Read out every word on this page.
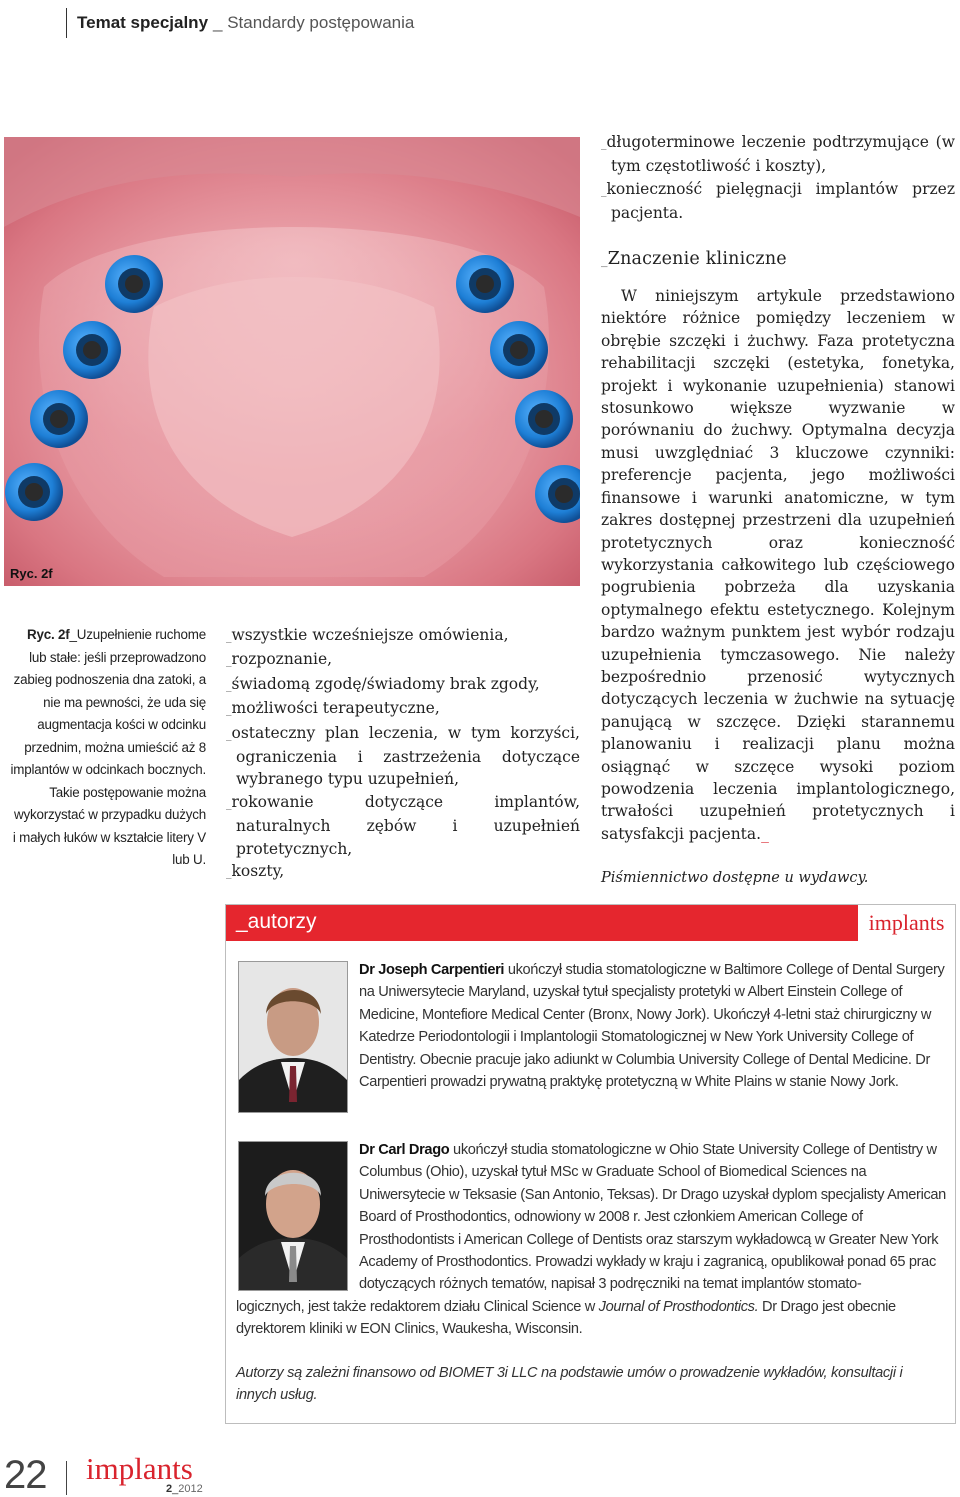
Temat specjalny _ Standardy postępowania
Ryc. 2f
Ryc. 2f_Uzupełnienie ruchome lub stałe: jeśli przeprowadzono zabieg podnoszenia dna zatoki, a nie ma pewności, że uda się augmentacja kości w odcinku przednim, można umieścić aż 8 implantów w odcinkach bocznych. Takie postępowanie można wykorzystać w przypadku dużych i małych łuków w kształcie litery V lub U.
_wszystkie wcześniejsze omówienia,
_rozpoznanie,
_świadomą zgodę/świadomy brak zgody,
_możliwości terapeutyczne,
_ostateczny plan leczenia, w tym korzyści, ograniczenia i zastrzeżenia dotyczące wybranego typu uzupełnień,
_rokowanie dotyczące implantów, naturalnych zębów i uzupełnień protetycznych,
_koszty,
_długoterminowe leczenie podtrzymujące (w tym częstotliwość i koszty),
_konieczność pielęgnacji implantów przez pacjenta.
_Znaczenie kliniczne
W niniejszym artykule przedstawiono niektóre różnice pomiędzy leczeniem w obrębie szczęki i żuchwy. Faza protetyczna rehabilitacji szczęki (estetyka, fonetyka, projekt i wykonanie uzupełnienia) stanowi stosunkowo większe wyzwanie w porównaniu do żuchwy. Optymalna decyzja musi uwzględniać 3 kluczowe czynniki: preferencje pacjenta, jego możliwości finansowe i warunki anatomiczne, w tym zakres dostępnej przestrzeni dla uzupełnień protetycznych oraz konieczność wykorzystania całkowitego lub częściowego pogrubienia pobrzeża dla uzyskania optymalnego efektu estetycznego. Kolejnym bardzo ważnym punktem jest wybór rodzaju uzupełnienia tymczasowego. Nie należy bezpośrednio przenosić wytycznych dotyczących leczenia w żuchwie na sytuację panującą w szczęce. Dzięki starannemu planowaniu i realizacji planu można osiągnąć w szczęce wysoki poziom powodzenia leczenia implantologicznego, trwałości uzupełnień protetycznych i satysfakcji pacjenta._
Piśmiennictwo dostępne u wydawcy.
_autorzy	implants
Dr Joseph Carpentieri ukończył studia stomatologiczne w Baltimore College of Dental Surgery na Uniwersytecie Maryland, uzyskał tytuł specjalisty protetyki w Albert Einstein College of Medicine, Montefiore Medical Center (Bronx, Nowy Jork). Ukończył 4-letni staż chirurgiczny w Katedrze Periodontologii i Implantologii Stomatologicznej w New York University College of Dentistry. Obecnie pracuje jako adiunkt w Columbia University College of Dental Medicine. Dr Carpentieri prowadzi prywatną praktykę protetyczną w White Plains w stanie Nowy Jork.
Dr Carl Drago ukończył studia stomatologiczne w Ohio State University College of Dentistry w Columbus (Ohio), uzyskał tytuł MSc w Graduate School of Biomedical Sciences na Uniwersytecie w Teksasie (San Antonio, Teksas). Dr Drago uzyskał dyplom specjalisty American Board of Prosthodontics, odnowiony w 2008 r. Jest członkiem American College of Prosthodontists i American College of Dentists oraz starszym wykładowcą w Greater New York Academy of Prosthodontics. Prowadzi wykłady w kraju i zagranicą, opublikował ponad 65 prac dotyczących różnych tematów, napisał 3 podręczniki na temat implantów stomato-
logicznych, jest także redaktorem działu Clinical Science w Journal of Prosthodontics. Dr Drago jest obecnie dyrektorem kliniki w EON Clinics, Waukesha, Wisconsin.
Autorzy są zależni finansowo od BIOMET 3i LLC na podstawie umów o prowadzenie wykładów, konsultacji i innych usług.
22 implants
2_2012
